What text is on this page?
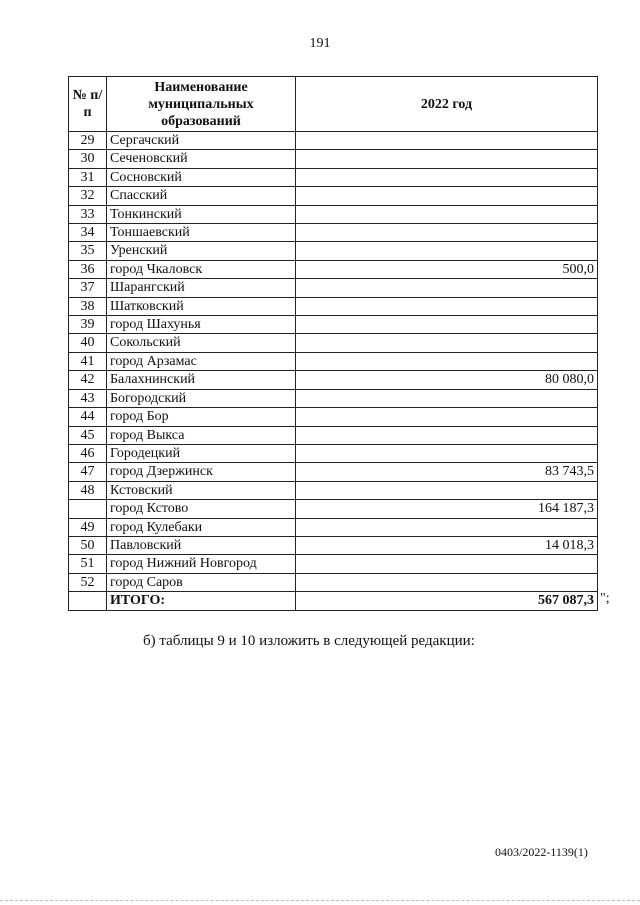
191
№ п/п	Наименование муниципальных образований	2022 год
29	Сергачский	
30	Сеченовский	
31	Сосновский	
32	Спасский	
33	Тонкинский	
34	Тоншаевский	
35	Уренский	
36	город Чкаловск	500,0
37	Шарангский	
38	Шатковский	
39	город Шахунья	
40	Сокольский	
41	город Арзамас	
42	Балахнинский	80 080,0
43	Богородский	
44	город Бор	
45	город Выкса	
46	Городецкий	
47	город Дзержинск	83 743,5
48	Кстовский	
	город Кстово	164 187,3
49	город Кулебаки	
50	Павловский	14 018,3
51	город Нижний Новгород	
52	город Саров	
	ИТОГО:	567 087,3 ";
б) таблицы 9 и 10 изложить в следующей редакции:
0403/2022-1139(1)
